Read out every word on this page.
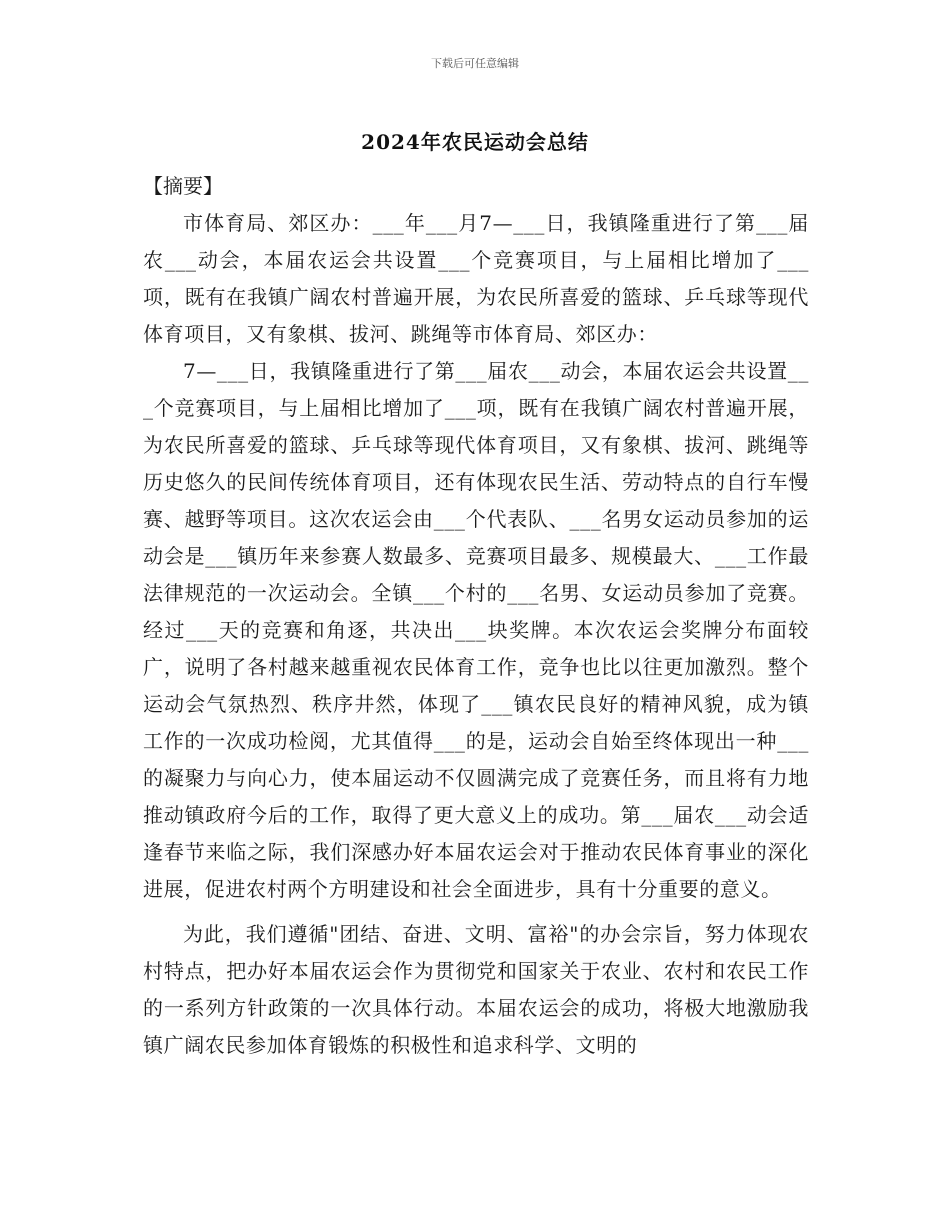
下载后可任意编辑
2024年农民运动会总结

【摘要】

市体育局、郊区办：___年___月7—___日，我镇隆重进行了第___届农___动会，本届农运会共设置___个竞赛项目，与上届相比增加了___项，既有在我镇广阔农村普遍开展，为农民所喜爱的篮球、乒乓球等现代体育项目，又有象棋、拔河、跳绳等市体育局、郊区办：

7—___日，我镇隆重进行了第___届农___动会，本届农运会共设置___个竞赛项目，与上届相比增加了___项，既有在我镇广阔农村普遍开展，为农民所喜爱的篮球、乒乓球等现代体育项目，又有象棋、拔河、跳绳等历史悠久的民间传统体育项目，还有体现农民生活、劳动特点的自行车慢赛、越野等项目。这次农运会由___个代表队、___名男女运动员参加的运动会是___镇历年来参赛人数最多、竞赛项目最多、规模最大、___工作最法律规范的一次运动会。全镇___个村的___名男、女运动员参加了竞赛。经过___天的竞赛和角逐，共决出___块奖牌。本次农运会奖牌分布面较广，说明了各村越来越重视农民体育工作，竞争也比以往更加激烈。整个运动会气氛热烈、秩序井然，体现了___镇农民良好的精神风貌，成为镇工作的一次成功检阅，尤其值得___的是，运动会自始至终体现出一种___的凝聚力与向心力，使本届运动不仅圆满完成了竞赛任务，而且将有力地推动镇政府今后的工作，取得了更大意义上的成功。第___届农___动会适逢春节来临之际，我们深感办好本届农运会对于推动农民体育事业的深化进展，促进农村两个方明建设和社会全面进步，具有十分重要的意义。

为此，我们遵循"团结、奋进、文明、富裕"的办会宗旨，努力体现农村特点，把办好本届农运会作为贯彻党和国家关于农业、农村和农民工作的一系列方针政策的一次具体行动。本届农运会的成功，将极大地激励我镇广阔农民参加体育锻炼的积极性和追求科学、文明的
